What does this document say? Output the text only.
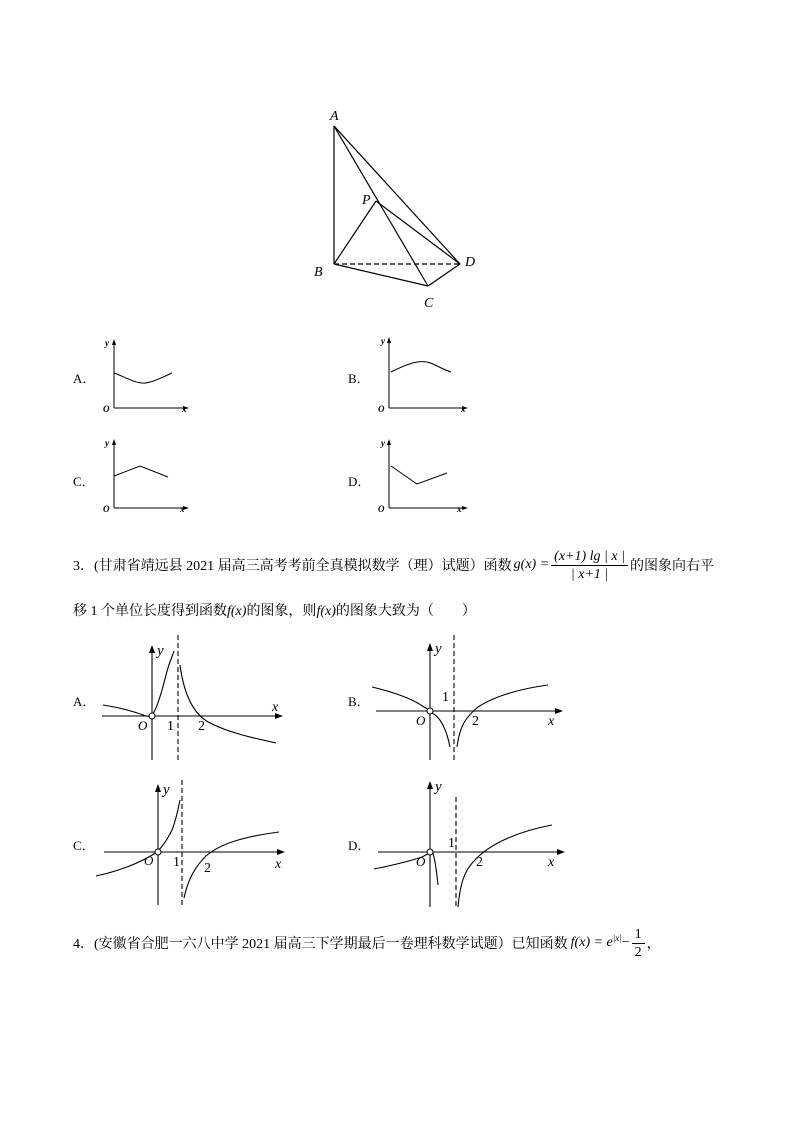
A
P
B
D
C
A．
y
O	x
B．
y
O	x
C．
y
O	x
D．
y
O	x
3．(甘肃省靖远县 2021 届高三高考考前全真模拟数学（理）试题）函数 $g(x) = \frac{(x+1) \lg | x |}{| x+1 |}$ 的图象向右平
移 1 个单位长度得到函数f(x)的图象，则f(x)的图象大致为（　　）
A．
y
O 1 2
x	B．
y
O
1
2	x
C．
y
O 1 2	x
D．
y
O
1
2	x
4．(安徽省合肥一六八中学 2021 届高三下学期最后一卷理科数学试题）已知函数 $f(x) = e^{|x|} - \frac{1}{2}$ ，
